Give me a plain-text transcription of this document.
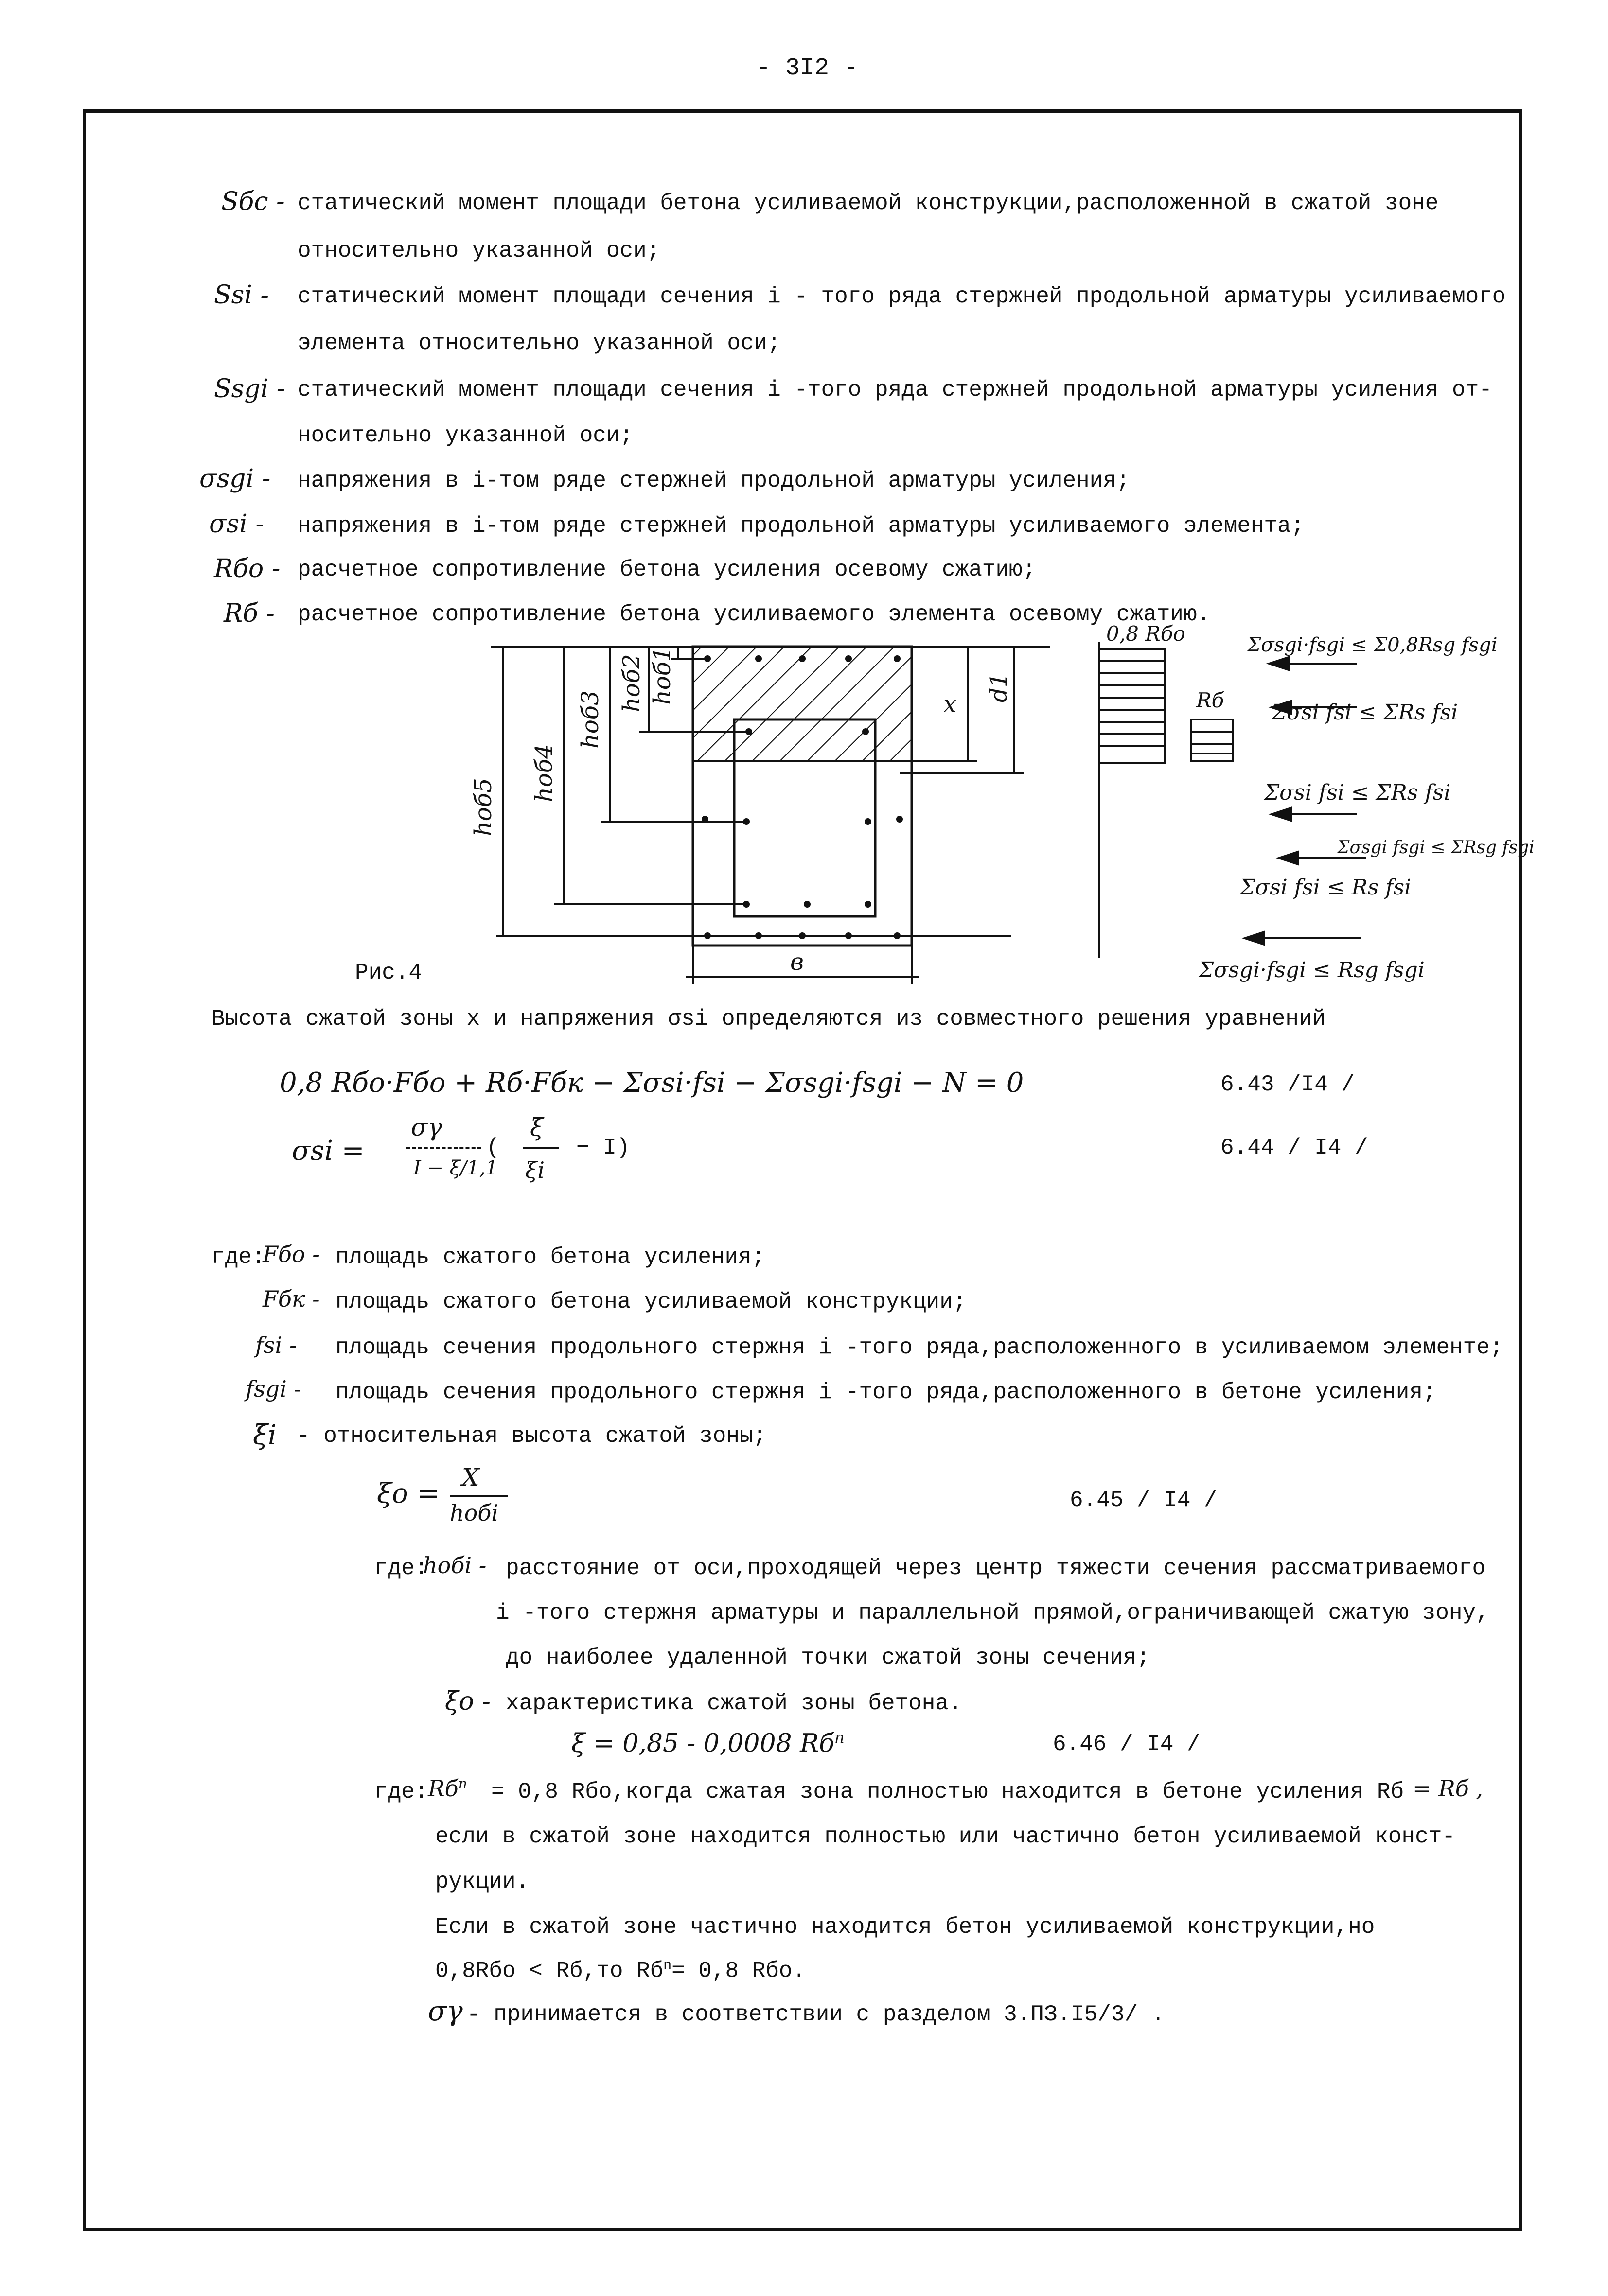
- 3I2 -
Sбс - статический момент площади бетона усиливаемой конструкции,расположенной в сжатой зоне
относительно указанной оси;
Ssi - статический момент площади сечения i - того ряда стержней продольной арматуры усиливаемого
элемента относительно указанной оси;
Ssgi - статический момент площади сечения i -того ряда стержней продольной арматуры усиления от-
носительно указанной оси;
σsgi - напряжения в i-том ряде стержней продольной арматуры усиления;
σsi - напряжения в i-том ряде стержней продольной арматуры усиливаемого элемента;
Rбо - расчетное сопротивление бетона усиления осевому сжатию;
Rб - расчетное сопротивление бетона усиливаемого элемента осевому сжатию.
hоб5
hоб4
hоб3
hоб2 hоб1	x
d1
в
0,8 Rбо
Rб
Σσsgi·fsgi ≤ Σ0,8Rsg fsgi
Σσsi fsi ≤ ΣRs fsi
Σσsi fsi ≤ ΣRs fsi
Σσsgi fsgi ≤ ΣRsg fsgi
Σσsi fsi ≤ Rs fsi
Σσsgi·fsgi ≤ Rsg fsgi
Рис.4
Высота сжатой зоны x и напряжения σsi определяются из совместного решения уравнений
0,8 Rбо·Fбо + Rб·Fбк − Σσsi·fsi − Σσsgi·fsgi − N = 0	6.43 /I4 /
σsi =
σγ
I − ξ/1,1
(
ξ
ξi
− I)	6.44 / I4 /
где:
Fбо - площадь сжатого бетона усиления;
Fбк - площадь сжатого бетона усиливаемой конструкции;
fsi - площадь сечения продольного стержня i -того ряда,расположенного в усиливаемом элементе;
fsgi - площадь сечения продольного стержня i -того ряда,расположенного в бетоне усиления;
ξi - относительная высота сжатой зоны;
ξo =
X
hобi	6.45 / I4 /
где:
hобi - расстояние от оси,проходящей через центр тяжести сечения рассматриваемого
i -того стержня арматуры и параллельной прямой,ограничивающей сжатую зону,
до наиболее удаленной точки сжатой зоны сечения;
ξo - характеристика сжатой зоны бетона.
ξ = 0,85 - 0,0008 $Rб^n$	6.46 / I4 /
где: $Rб^n = 0,8$ Rбо,когда сжатая зона полностью находится в бетоне усиления Rб = Rб ,
если в сжатой зоне находится полностью или частично бетон усиливаемой конст-
рукции.
Если в сжатой зоне частично находится бетон усиливаемой конструкции,но
0,8Rбо < Rб,то $Rб^n= 0,8$ Rбо.
σγ - принимается в соответствии с разделом 3.ПЗ.I5/3/ .
